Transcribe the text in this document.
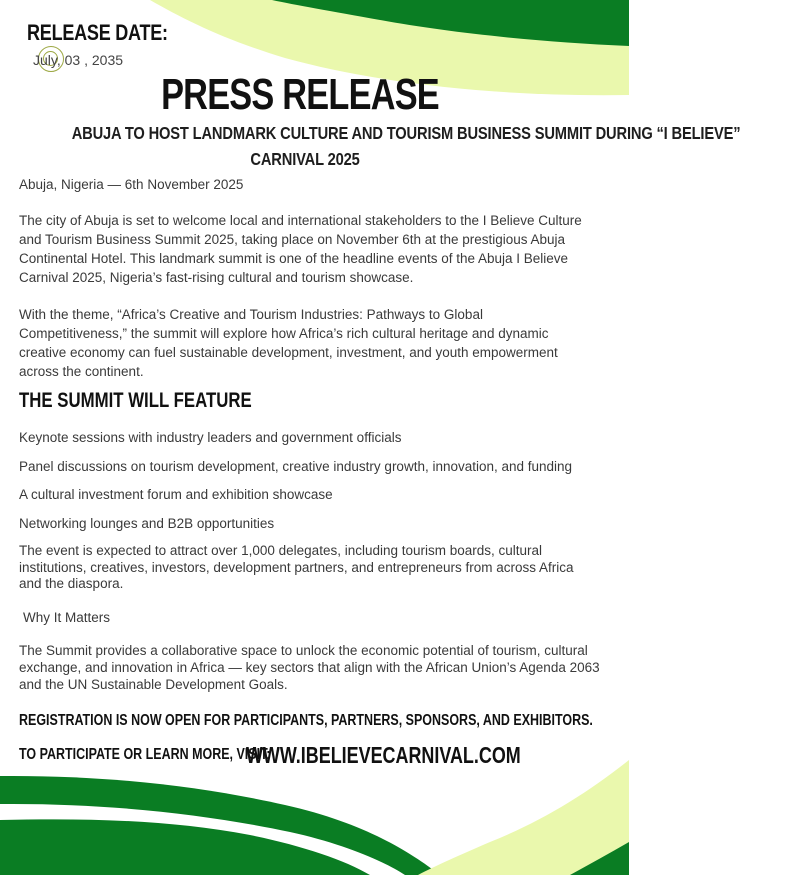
RELEASE DATE:
July, 03 , 2035
PRESS RELEASE
ABUJA TO HOST LANDMARK CULTURE AND TOURISM BUSINESS SUMMIT DURING “I BELIEVE”
CARNIVAL 2025

Abuja, Nigeria — 6th November 2025

The city of Abuja is set to welcome local and international stakeholders to the I Believe Culture and Tourism Business Summit 2025, taking place on November 6th at the prestigious Abuja Continental Hotel. This landmark summit is one of the headline events of the Abuja I Believe Carnival 2025, Nigeria’s fast-rising cultural and tourism showcase.

With the theme, “Africa’s Creative and Tourism Industries: Pathways to Global Competitiveness,” the summit will explore how Africa’s rich cultural heritage and dynamic creative economy can fuel sustainable development, investment, and youth empowerment across the continent.

THE SUMMIT WILL FEATURE
Keynote sessions with industry leaders and government officials
Panel discussions on tourism development, creative industry growth, innovation, and funding
A cultural investment forum and exhibition showcase
Networking lounges and B2B opportunities

The event is expected to attract over 1,000 delegates, including tourism boards, cultural institutions, creatives, investors, development partners, and entrepreneurs from across Africa and the diaspora.

Why It Matters

The Summit provides a collaborative space to unlock the economic potential of tourism, cultural exchange, and innovation in Africa — key sectors that align with the African Union’s Agenda 2063 and the UN Sustainable Development Goals.

REGISTRATION IS NOW OPEN FOR PARTICIPANTS, PARTNERS, SPONSORS, AND EXHIBITORS.

TO PARTICIPATE OR LEARN MORE, VISIT:

WWW.IBELIEVECARNIVAL.COM
